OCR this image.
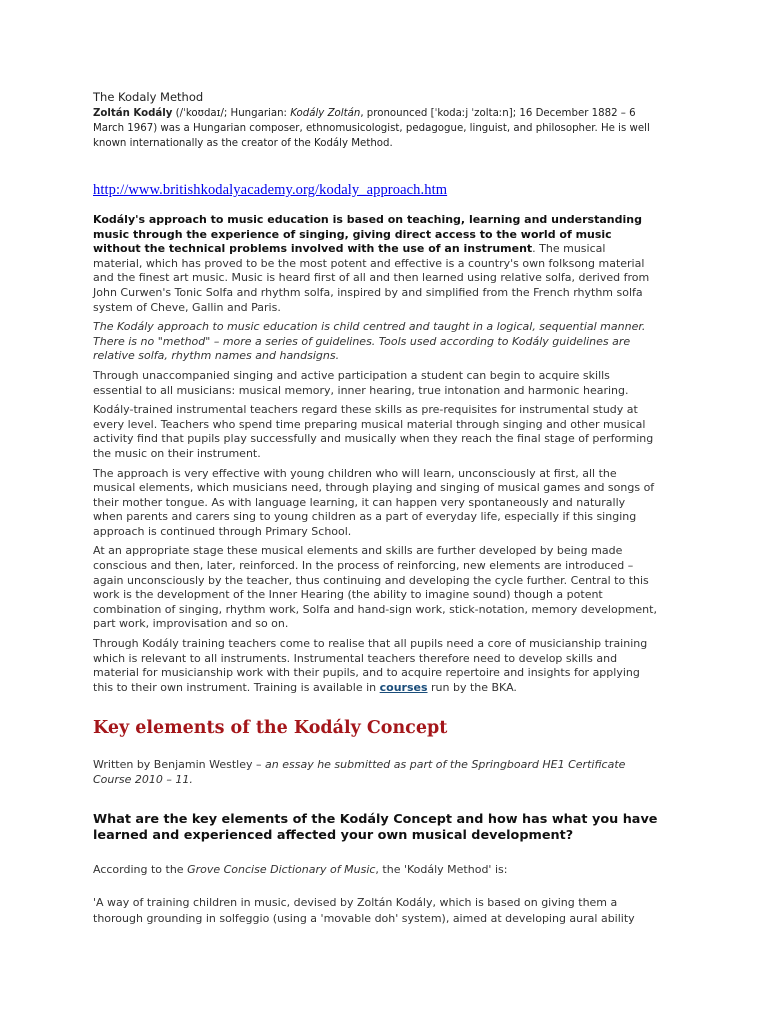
The Kodaly Method

Zoltán Kodály (/ˈkoʊdaɪ/; Hungarian: Kodály Zoltán, pronounced [ˈkodaːj ˈzoltaːn]; 16 December 1882 – 6 March 1967) was a Hungarian composer, ethnomusicologist, pedagogue, linguist, and philosopher. He is well known internationally as the creator of the Kodály Method.

http://www.britishkodalyacademy.org/kodaly_approach.htm

Kodály's approach to music education is based on teaching, learning and understanding music through the experience of singing, giving direct access to the world of music without the technical problems involved with the use of an instrument. The musical material, which has proved to be the most potent and effective is a country's own folksong material and the finest art music. Music is heard first of all and then learned using relative solfa, derived from John Curwen's Tonic Solfa and rhythm solfa, inspired by and simplified from the French rhythm solfa system of Cheve, Gallin and Paris.

The Kodály approach to music education is child centred and taught in a logical, sequential manner. There is no "method" – more a series of guidelines. Tools used according to Kodály guidelines are relative solfa, rhythm names and handsigns.

Through unaccompanied singing and active participation a student can begin to acquire skills essential to all musicians: musical memory, inner hearing, true intonation and harmonic hearing.

Kodály-trained instrumental teachers regard these skills as pre-requisites for instrumental study at every level. Teachers who spend time preparing musical material through singing and other musical activity find that pupils play successfully and musically when they reach the final stage of performing the music on their instrument.

The approach is very effective with young children who will learn, unconsciously at first, all the musical elements, which musicians need, through playing and singing of musical games and songs of their mother tongue. As with language learning, it can happen very spontaneously and naturally when parents and carers sing to young children as a part of everyday life, especially if this singing approach is continued through Primary School.

At an appropriate stage these musical elements and skills are further developed by being made conscious and then, later, reinforced. In the process of reinforcing, new elements are introduced – again unconsciously by the teacher, thus continuing and developing the cycle further. Central to this work is the development of the Inner Hearing (the ability to imagine sound) though a potent combination of singing, rhythm work, Solfa and hand-sign work, stick-notation, memory development, part work, improvisation and so on.

Through Kodály training teachers come to realise that all pupils need a core of musicianship training which is relevant to all instruments. Instrumental teachers therefore need to develop skills and material for musicianship work with their pupils, and to acquire repertoire and insights for applying this to their own instrument. Training is available in courses run by the BKA.

Key elements of the Kodály Concept

Written by Benjamin Westley – an essay he submitted as part of the Springboard HE1 Certificate Course 2010 – 11.

What are the key elements of the Kodály Concept and how has what you have learned and experienced affected your own musical development?

According to the Grove Concise Dictionary of Music, the 'Kodály Method' is:

'A way of training children in music, devised by Zoltán Kodály, which is based on giving them a thorough grounding in solfeggio (using a 'movable doh' system), aimed at developing aural ability
